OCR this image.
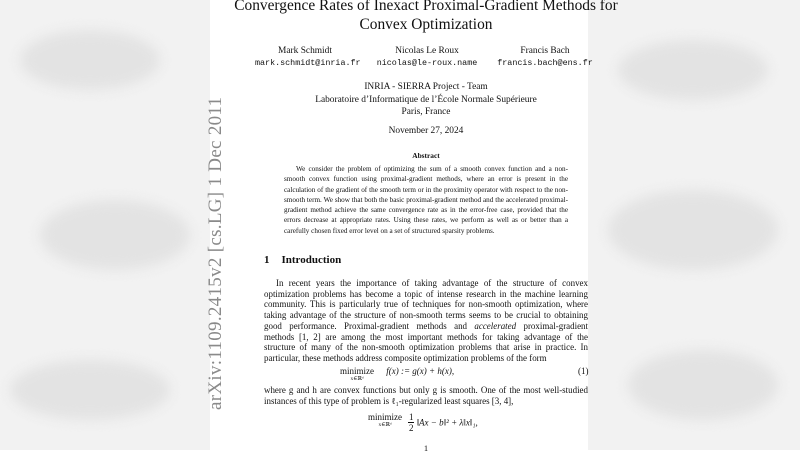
arXiv:1109.2415v2 [cs.LG] 1 Dec 2011
Convergence Rates of Inexact Proximal-Gradient Methods for
Convex Optimization
Mark Schmidt
mark.schmidt@inria.fr
Nicolas Le Roux
nicolas@le-roux.name
Francis Bach
francis.bach@ens.fr
INRIA - SIERRA Project - Team
Laboratoire d’Informatique de l’École Normale Supérieure
Paris, France
November 27, 2024
Abstract
We consider the problem of optimizing the sum of a smooth convex function and a non-smooth convex function using proximal-gradient methods, where an error is present in the calculation of the gradient of the smooth term or in the proximity operator with respect to the non-smooth term. We show that both the basic proximal-gradient method and the accelerated proximal-gradient method achieve the same convergence rate as in the error-free case, provided that the errors decrease at appropriate rates. Using these rates, we perform as well as or better than a carefully chosen fixed error level on a set of structured sparsity problems.
1 Introduction
In recent years the importance of taking advantage of the structure of convex optimization problems has become a topic of intense research in the machine learning community. This is particularly true of techniques for non-smooth optimization, where taking advantage of the structure of non-smooth terms seems to be crucial to obtaining good performance. Proximal-gradient methods and accelerated proximal-gradient methods [1, 2] are among the most important methods for taking advantage of the structure of many of the non-smooth optimization problems that arise in practice. In particular, these methods address composite optimization problems of the form
minimize
x∈ℝᵈ
f(x) := g(x) + h(x),	(1)
where g and h are convex functions but only g is smooth. One of the most well-studied instances of this type of problem is ℓ₁-regularized least squares [3, 4],
minimize
x∈ℝᵈ
	$\frac{1}{2}$ ‖Ax − b‖² + λ‖x‖₁,
1
